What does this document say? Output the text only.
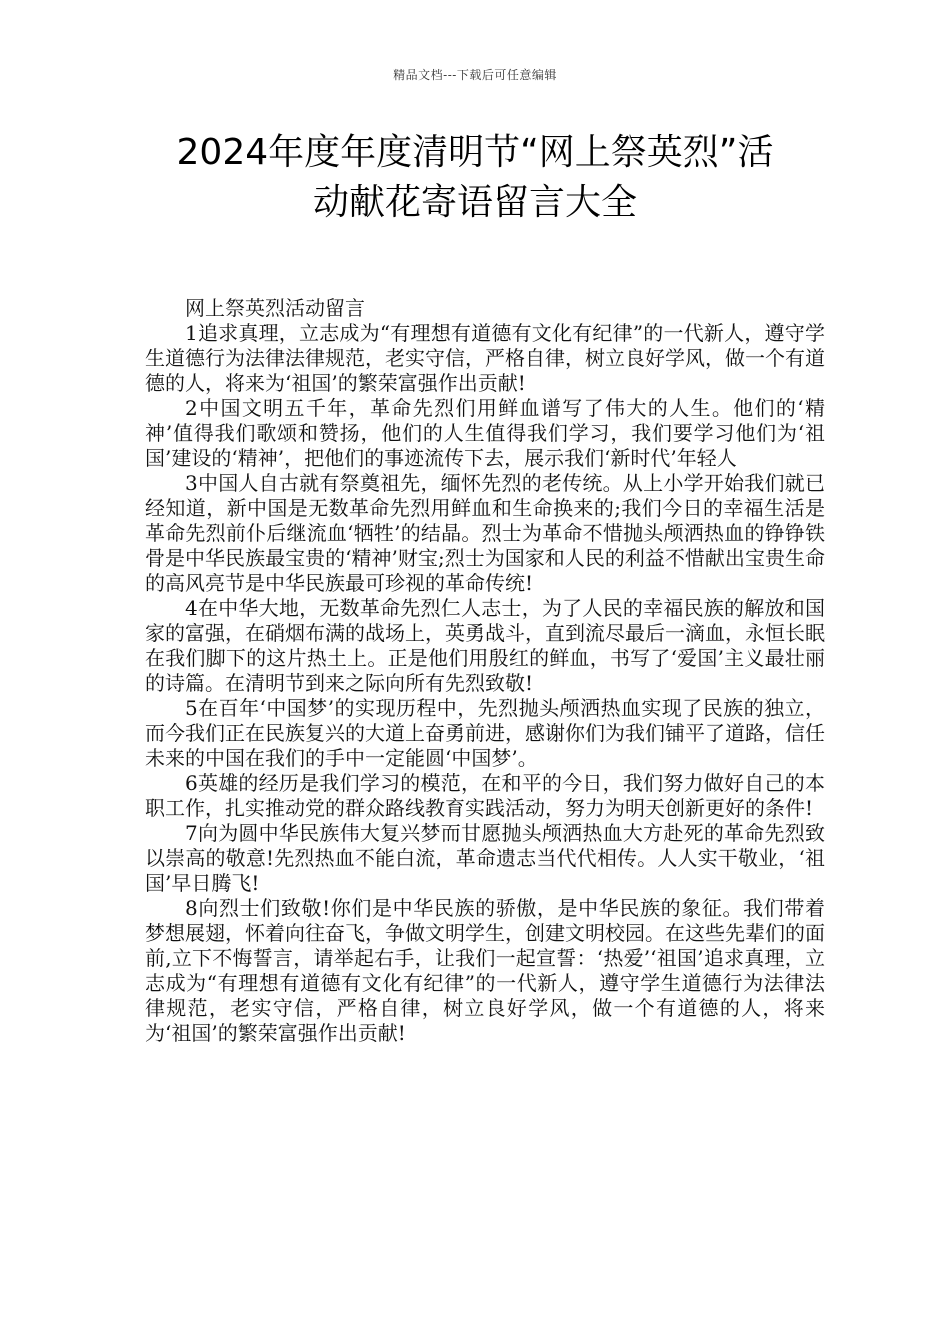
精品文档---下载后可任意编辑
2024年度年度清明节“网上祭英烈”活
动献花寄语留言大全

网上祭英烈活动留言

1追求真理，立志成为“有理想有道德有文化有纪律”的一代新人，遵守学生道德行为法律法律规范，老实守信，严格自律，树立良好学风，做一个有道德的人，将来为‘祖国’的繁荣富强作出贡献!

2中国文明五千年，革命先烈们用鲜血谱写了伟大的人生。他们的‘精神’值得我们歌颂和赞扬，他们的人生值得我们学习，我们要学习他们为‘祖国’建设的‘精神’，把他们的事迹流传下去，展示我们‘新时代’年轻人

3中国人自古就有祭奠祖先，缅怀先烈的老传统。从上小学开始我们就已经知道，新中国是无数革命先烈用鲜血和生命换来的;我们今日的幸福生活是革命先烈前仆后继流血‘牺牲’的结晶。烈士为革命不惜抛头颅洒热血的铮铮铁骨是中华民族最宝贵的‘精神’财宝;烈士为国家和人民的利益不惜献出宝贵生命的高风亮节是中华民族最可珍视的革命传统!

4在中华大地，无数革命先烈仁人志士，为了人民的幸福民族的解放和国家的富强，在硝烟布满的战场上，英勇战斗，直到流尽最后一滴血，永恒长眠在我们脚下的这片热土上。正是他们用殷红的鲜血，书写了‘爱国’主义最壮丽的诗篇。在清明节到来之际向所有先烈致敬!

5在百年‘中国梦’的实现历程中，先烈抛头颅洒热血实现了民族的独立，而今我们正在民族复兴的大道上奋勇前进，感谢你们为我们铺平了道路，信任未来的中国在我们的手中一定能圆‘中国梦’。

6英雄的经历是我们学习的模范，在和平的今日，我们努力做好自己的本职工作，扎实推动党的群众路线教育实践活动，努力为明天创新更好的条件!

7向为圆中华民族伟大复兴梦而甘愿抛头颅洒热血大方赴死的革命先烈致以崇高的敬意!先烈热血不能白流，革命遗志当代代相传。人人实干敬业，‘祖国’早日腾飞!

8向烈士们致敬!你们是中华民族的骄傲，是中华民族的象征。我们带着梦想展翅，怀着向往奋飞，争做文明学生，创建文明校园。在这些先辈们的面前,立下不悔誓言，请举起右手，让我们一起宣誓：‘热爱’‘祖国’追求真理，立志成为“有理想有道德有文化有纪律”的一代新人，遵守学生道德行为法律法律规范，老实守信，严格自律，树立良好学风，做一个有道德的人，将来为‘祖国’的繁荣富强作出贡献!
